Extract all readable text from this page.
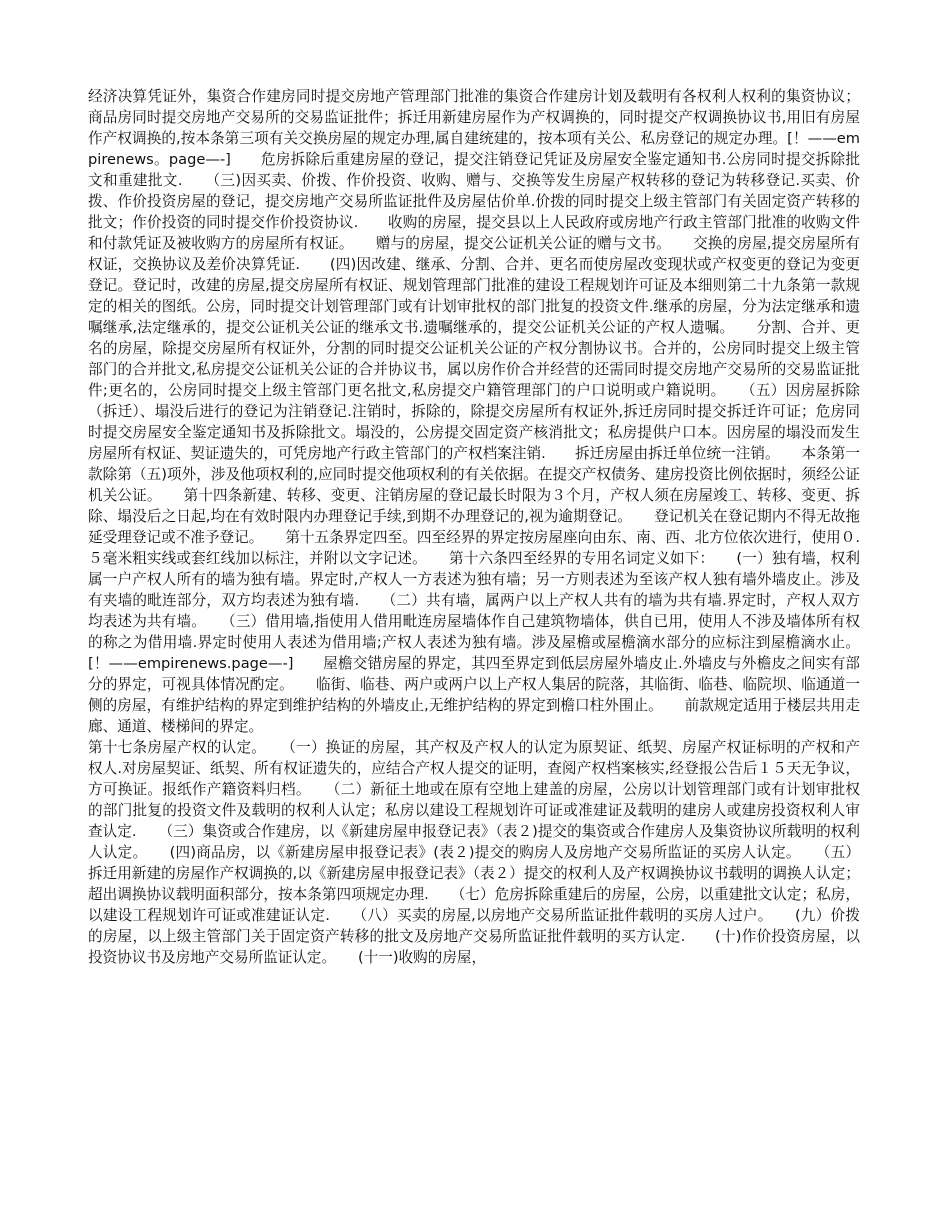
经济决算凭证外，集资合作建房同时提交房地产管理部门批准的集资合作建房计划及载明有各权利人权利的集资协议；商品房同时提交房地产交易所的交易监证批件；拆迁用新建房屋作为产权调换的，同时提交产权调换协议书,用旧有房屋作产权调换的,按本条第三项有关交换房屋的规定办理,属自建统建的，按本项有关公、私房登记的规定办理。[！——empirenews。page—-]　　危房拆除后重建房屋的登记，提交注销登记凭证及房屋安全鉴定通知书.公房同时提交拆除批文和重建批文.　　（三)因买卖、价拨、作价投资、收购、赠与、交换等发生房屋产权转移的登记为转移登记.买卖、价拨、作价投资房屋的登记，提交房地产交易所监证批件及房屋估价单.价拨的同时提交上级主管部门有关固定资产转移的批文；作价投资的同时提交作价投资协议.　　收购的房屋，提交县以上人民政府或房地产行政主管部门批准的收购文件和付款凭证及被收购方的房屋所有权证。　　赠与的房屋，提交公证机关公证的赠与文书。　　交换的房屋,提交房屋所有权证，交换协议及差价决算凭证.　　(四)因改建、继承、分割、合并、更名而使房屋改变现状或产权变更的登记为变更登记。登记时，改建的房屋,提交房屋所有权证、规划管理部门批准的建设工程规划许可证及本细则第二十九条第一款规定的相关的图纸。公房，同时提交计划管理部门或有计划审批权的部门批复的投资文件.继承的房屋，分为法定继承和遗嘱继承,法定继承的，提交公证机关公证的继承文书.遗嘱继承的，提交公证机关公证的产权人遗嘱。　　分割、合并、更名的房屋，除提交房屋所有权证外，分割的同时提交公证机关公证的产权分割协议书。合并的，公房同时提交上级主管部门的合并批文,私房提交公证机关公证的合并协议书，属以房作价合并经营的还需同时提交房地产交易所的交易监证批件;更名的，公房同时提交上级主管部门更名批文,私房提交户籍管理部门的户口说明或户籍说明。　　（五）因房屋拆除（拆迁）、塌没后进行的登记为注销登记.注销时，拆除的，除提交房屋所有权证外,拆迁房同时提交拆迁许可证；危房同时提交房屋安全鉴定通知书及拆除批文。塌没的，公房提交固定资产核消批文；私房提供户口本。因房屋的塌没而发生房屋所有权证、契证遗失的，可凭房地产行政主管部门的产权档案注销.　　拆迁房屋由拆迁单位统一注销。　　本条第一款除第（五)项外，涉及他项权利的,应同时提交他项权利的有关依据。在提交产权债务、建房投资比例依据时，须经公证机关公证。　　第十四条新建、转移、变更、注销房屋的登记最长时限为３个月，产权人须在房屋竣工、转移、变更、拆除、塌没后之日起,均在有效时限内办理登记手续,到期不办理登记的,视为逾期登记。　　登记机关在登记期内不得无故拖延受理登记或不准予登记。　　第十五条界定四至。四至经界的界定按房屋座向由东、南、西、北方位依次进行，使用０.５毫米粗实线或套红线加以标注，并附以文字记述。　　第十六条四至经界的专用名词定义如下：　　(一）独有墙，权利属一户产权人所有的墙为独有墙。界定时,产权人一方表述为独有墙；另一方则表述为至该产权人独有墙外墙皮止。涉及有夹墙的毗连部分，双方均表述为独有墙.　　（二）共有墙，属两户以上产权人共有的墙为共有墙.界定时，产权人双方均表述为共有墙。　　（三）借用墙,指使用人借用毗连房屋墙体作自己建筑物墙体，供自已用，使用人不涉及墙体所有权的称之为借用墙.界定时使用人表述为借用墙;产权人表述为独有墙。涉及屋檐或屋檐滴水部分的应标注到屋檐滴水止。[！——empirenews.page—-]　　屋檐交错房屋的界定，其四至界定到低层房屋外墙皮止.外墙皮与外檐皮之间实有部分的界定，可视具体情况酌定。　　临街、临巷、两户或两户以上产权人集居的院落，其临街、临巷、临院坝、临通道一侧的房屋，有维护结构的界定到维护结构的外墙皮止,无维护结构的界定到檐口柱外围止。　　前款规定适用于楼层共用走廊、通道、楼梯间的界定。

第十七条房屋产权的认定。　　（一）换证的房屋，其产权及产权人的认定为原契证、纸契、房屋产权证标明的产权和产权人.对房屋契证、纸契、所有权证遗失的，应结合产权人提交的证明，查阅产权档案核实,经登报公告后１５天无争议，方可换证。报纸作产籍资料归档。　　（二）新征土地或在原有空地上建盖的房屋，公房以计划管理部门或有计划审批权的部门批复的投资文件及载明的权利人认定；私房以建设工程规划许可证或准建证及载明的建房人或建房投资权利人审查认定.　　（三）集资或合作建房，以《新建房屋申报登记表》（表２)提交的集资或合作建房人及集资协议所载明的权利人认定。　　(四)商品房，以《新建房屋申报登记表》(表２)提交的购房人及房地产交易所监证的买房人认定。　　（五）拆迁用新建的房屋作产权调换的,以《新建房屋申报登记表》（表２）提交的权利人及产权调换协议书载明的调换人认定；超出调换协议载明面积部分，按本条第四项规定办理.　　（七）危房拆除重建后的房屋，公房，以重建批文认定；私房，以建设工程规划许可证或准建证认定.　　（八）买卖的房屋,以房地产交易所监证批件载明的买房人过户。　　(九）价拨的房屋，以上级主管部门关于固定资产转移的批文及房地产交易所监证批件载明的买方认定.　　(十)作价投资房屋，以投资协议书及房地产交易所监证认定。　　(十一)收购的房屋，
